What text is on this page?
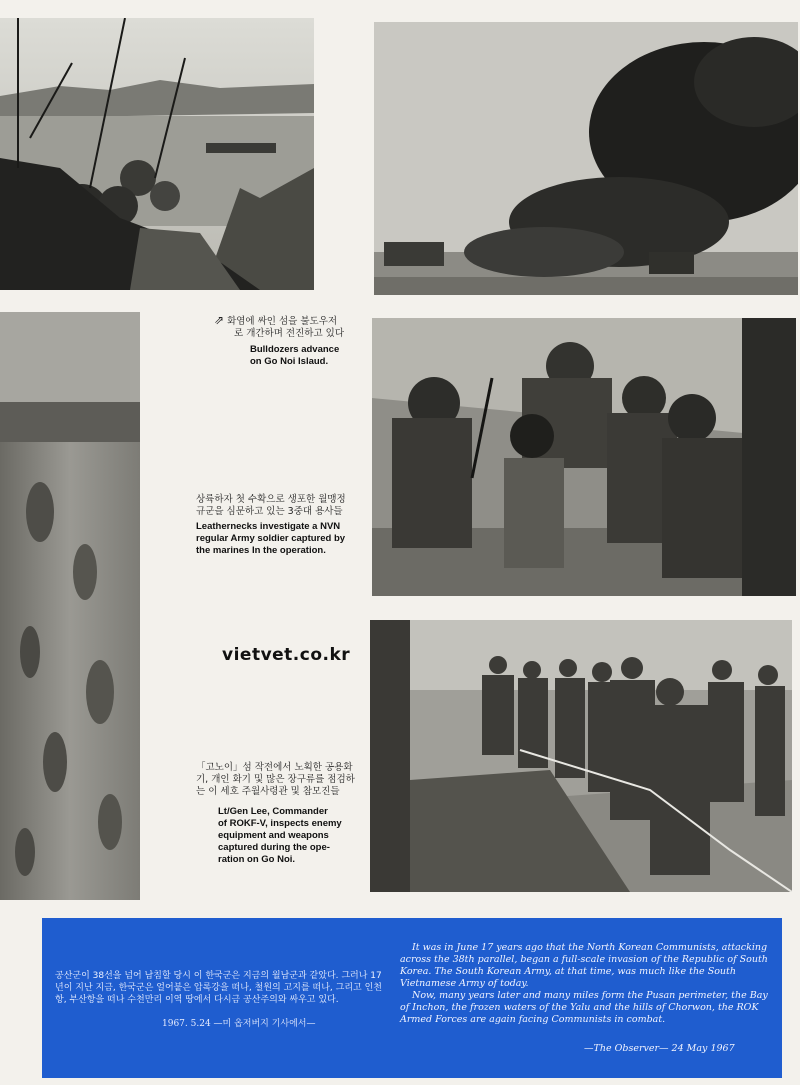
⇗ 화염에 싸인 섬을 불도우저
로 개간하며 전진하고 있다
Bulldozers advance
on Go Noi Islaud.
상륙하자 첫 수확으로 생포한 월맹정
규군을 심문하고 있는 3중대 용사들
Leathernecks investigate a NVN
regular Army soldier captured by
the marines In the operation.
vietvet.co.kr
「고노이」섬 작전에서 노획한 공용화
기, 개인 화기 및 많은 장구류를 점검하
는 이 세호 주월사령관 및 참모진들
Lt/Gen Lee, Commander
of ROKF-V, inspects enemy
equipment and weapons
captured during the ope-
ration on Go Noi.
공산군이 38선을 넘어 남침할 당시 이 한국군은 지금의 월남군과 같았다. 그러나 17년이 지난 지금, 한국군은 얼어붙은 압록강을 떠나, 철원의 고지를 떠나, 그리고 인천항, 부산항을 떠나 수천만리 이역 땅에서 다시금 공산주의와 싸우고 있다.
1967. 5.24 —미 옵저버지 기사에서—

It was in June 17 years ago that the North Korean Communists, attacking across the 38th parallel, began a full-scale invasion of the Republic of South Korea. The South Korean Army, at that time, was much like the South Vietnamese Army of today.

Now, many years later and many miles form the Pusan perimeter, the Bay of Inchon, the frozen waters of the Yalu and the hills of Chorwon, the ROK Armed Forces are again facing Communists in combat.

—The Observer— 24 May 1967
